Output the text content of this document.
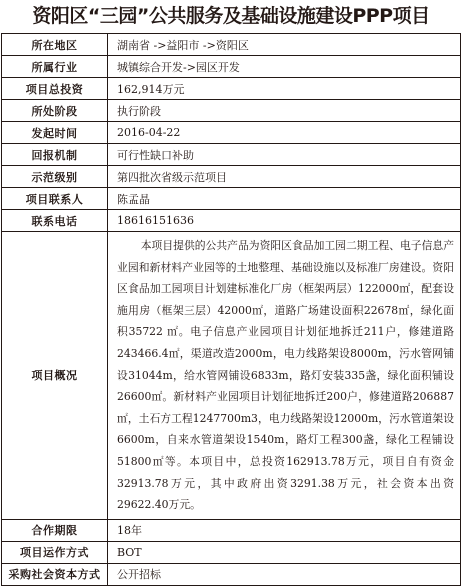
资阳区“三园”公共服务及基础设施建设PPP项目
所在地区	湖南省 ->益阳市 ->资阳区
所属行业	城镇综合开发->园区开发
项目总投资	162,914万元
所处阶段	执行阶段
发起时间	2016-04-22
回报机制	可行性缺口补助
示范级别	第四批次省级示范项目
项目联系人	陈孟晶
联系电话	18616151636
项目概况	本项目提供的公共产品为资阳区食品加工园二期工程、电子信息产业园和新材料产业园等的土地整理、基础设施以及标准厂房建设。资阳区食品加工园项目计划建标准化厂房（框架两层）122000㎡，配套设施用房（框架三层）42000㎡，道路广场建设面积22678㎡，绿化面积35722 ㎡。电子信息产业园项目计划征地拆迁211户，修建道路243466.4㎡，渠道改造2000m，电力线路架设8000m，污水管网铺设31044m，给水管网铺设6833m，路灯安装335盏，绿化面积铺设26600㎡。新材料产业园项目计划征地拆迁200户，修建道路206887㎡，土石方工程1247700m3，电力线路架设12000m，污水管道架设6600m，自来水管道架设1540m，路灯工程300盏，绿化工程铺设51800㎡等。本项目中，总投资162913.78万元，项目自有资金32913.78万元，其中政府出资3291.38万元，社会资本出资29622.40万元。

合作期限	18年
项目运作方式	BOT
采购社会资本方式	公开招标
